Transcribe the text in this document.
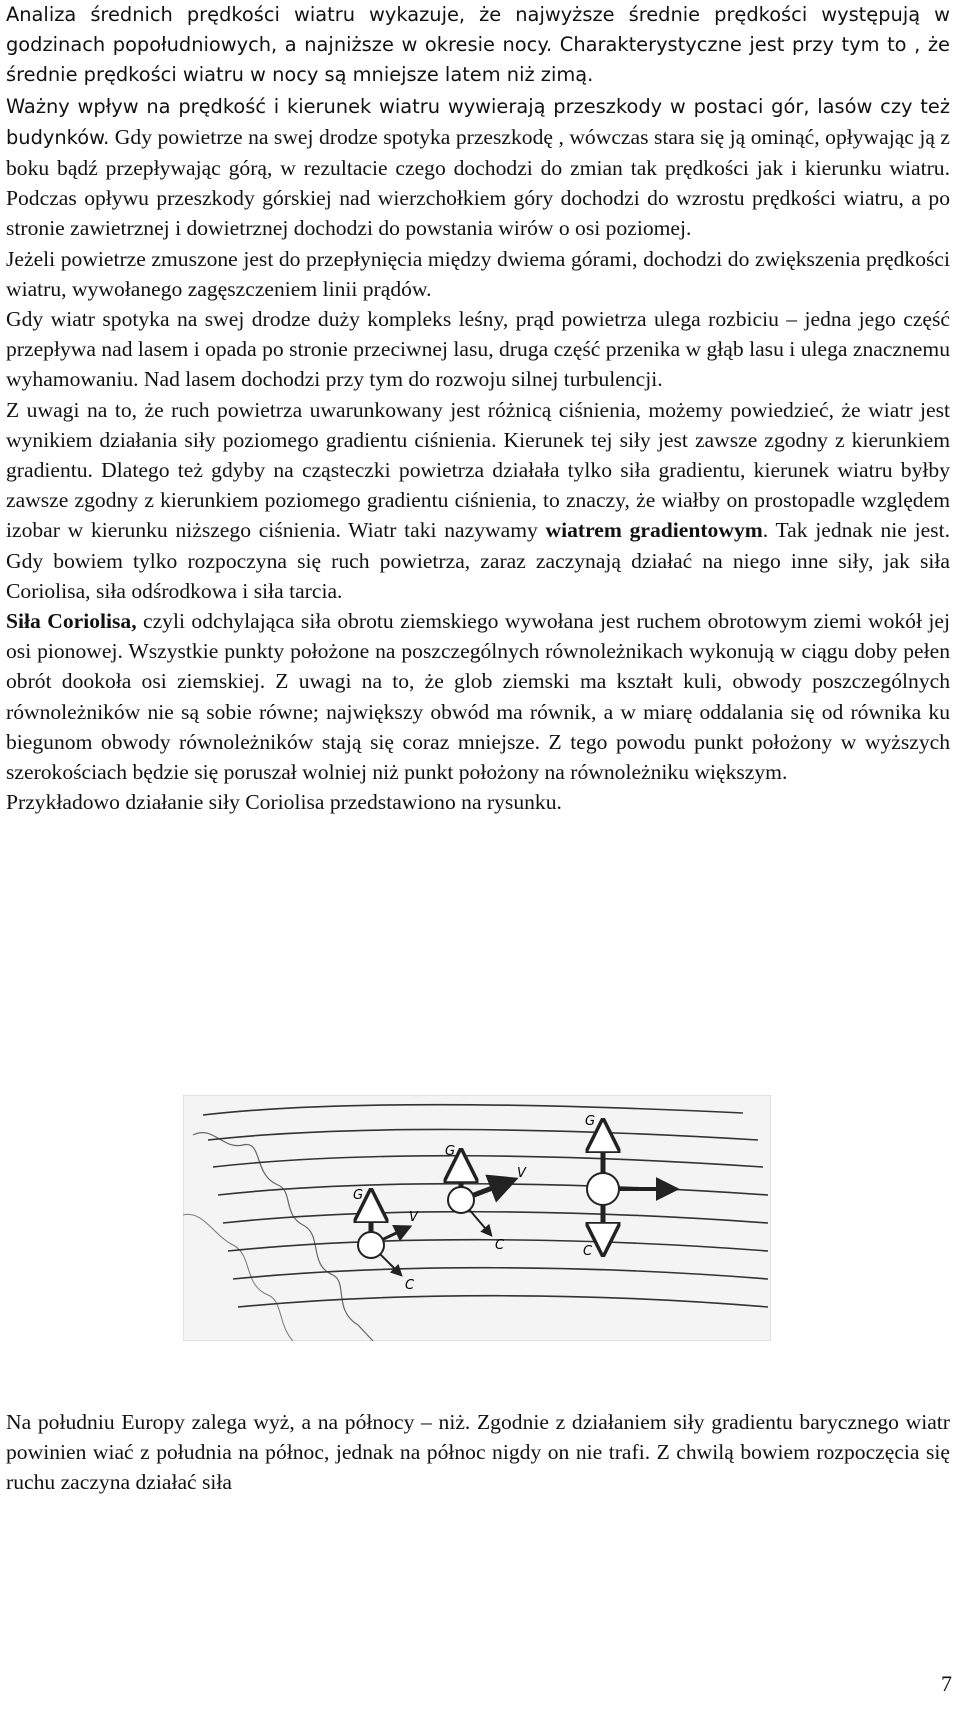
Analiza średnich prędkości wiatru wykazuje, że najwyższe średnie prędkości występują w godzinach popołudniowych, a najniższe w okresie nocy. Charakterystyczne jest przy tym to , że średnie prędkości wiatru w nocy są mniejsze latem niż zimą.

Ważny wpływ na prędkość i kierunek wiatru wywierają przeszkody w postaci gór, lasów czy też budynków. Gdy powietrze na swej drodze spotyka przeszkodę , wówczas stara się ją ominąć, opływając ją z boku bądź przepływając górą, w rezultacie czego dochodzi do zmian tak prędkości jak i kierunku wiatru. Podczas opływu przeszkody górskiej nad wierzchołkiem góry dochodzi do wzrostu prędkości wiatru, a po stronie zawietrznej i dowietrznej dochodzi do powstania wirów o osi poziomej.

Jeżeli powietrze zmuszone jest do przepłynięcia między dwiema górami, dochodzi do zwiększenia prędkości wiatru, wywołanego zagęszczeniem linii prądów.

Gdy wiatr spotyka na swej drodze duży kompleks leśny, prąd powietrza ulega rozbiciu – jedna jego część przepływa nad lasem i opada po stronie przeciwnej lasu, druga część przenika w głąb lasu i ulega znacznemu wyhamowaniu. Nad lasem dochodzi przy tym do rozwoju silnej turbulencji.

Z uwagi na to, że ruch powietrza uwarunkowany jest różnicą ciśnienia, możemy powiedzieć, że wiatr jest wynikiem działania siły poziomego gradientu ciśnienia. Kierunek tej siły jest zawsze zgodny z kierunkiem gradientu. Dlatego też gdyby na cząsteczki powietrza działała tylko siła gradientu, kierunek wiatru byłby zawsze zgodny z kierunkiem poziomego gradientu ciśnienia, to znaczy, że wiałby on prostopadle względem izobar w kierunku niższego ciśnienia. Wiatr taki nazywamy wiatrem gradientowym. Tak jednak nie jest. Gdy bowiem tylko rozpoczyna się ruch powietrza, zaraz zaczynają działać na niego inne siły, jak siła Coriolisa, siła odśrodkowa i siła tarcia.

Siła Coriolisa, czyli odchylająca siła obrotu ziemskiego wywołana jest ruchem obrotowym ziemi wokół jej osi pionowej. Wszystkie punkty położone na poszczególnych równoleżnikach wykonują w ciągu doby pełen obrót dookoła osi ziemskiej. Z uwagi na to, że glob ziemski ma kształt kuli, obwody poszczególnych równoleżników nie są sobie równe; największy obwód ma równik, a w miarę oddalania się od równika ku biegunom obwody równoleżników stają się coraz mniejsze. Z tego powodu punkt położony w wyższych szerokościach będzie się poruszał wolniej niż punkt położony na równoleżniku większym.

Przykładowo działanie siły Coriolisa przedstawiono na rysunku.

G
V
C
G
V
C
G
C

Na południu Europy zalega wyż, a na północy – niż. Zgodnie z działaniem siły gradientu barycznego wiatr powinien wiać z południa na północ, jednak na północ nigdy on nie trafi. Z chwilą bowiem rozpoczęcia się ruchu zaczyna działać siła

7
